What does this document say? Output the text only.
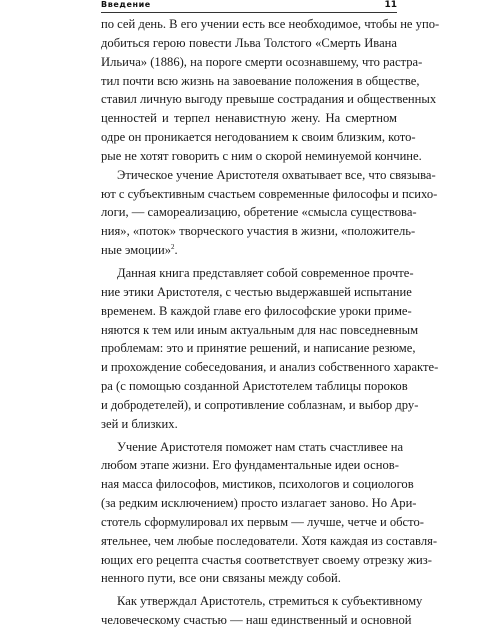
Введение	11
по сей день. В его учении есть все необходимое, чтобы не упо-
добиться герою повести Льва Толстого «Смерть Ивана
Ильича» (1886), на пороге смерти осознавшему, что растра-
тил почти всю жизнь на завоевание положения в обществе,
ставил личную выгоду превыше сострадания и общественных
ценностей и терпел ненавистную жену. На смертном
одре он проникается негодованием к своим близким, кото-
рые не хотят говорить с ним о скорой неминуемой кончине.
Этическое учение Аристотеля охватывает все, что связыва-
ют с субъективным счастьем современные философы и психо-
логи, — самореализацию, обретение «смысла существова-
ния», «поток» творческого участия в жизни, «положитель-
ные эмоции»$^2$.
Данная книга представляет собой современное прочте-
ние этики Аристотеля, с честью выдержавшей испытание
временем. В каждой главе его философские уроки приме-
няются к тем или иным актуальным для нас повседневным
проблемам: это и принятие решений, и написание резюме,
и прохождение собеседования, и анализ собственного характе-
ра (с помощью созданной Аристотелем таблицы пороков
и добродетелей), и сопротивление соблазнам, и выбор дру-
зей и близких.
Учение Аристотеля поможет нам стать счастливее на
любом этапе жизни. Его фундаментальные идеи основ-
ная масса философов, мистиков, психологов и социологов
(за редким исключением) просто излагает заново. Но Ари-
стотель сформулировал их первым — лучше, четче и обсто-
ятельнее, чем любые последователи. Хотя каждая из составля-
ющих его рецепта счастья соответствует своему отрезку жиз-
ненного пути, все они связаны между собой.
Как утверждал Аристотель, стремиться к субъективному
человеческому счастью — наш единственный и основной
